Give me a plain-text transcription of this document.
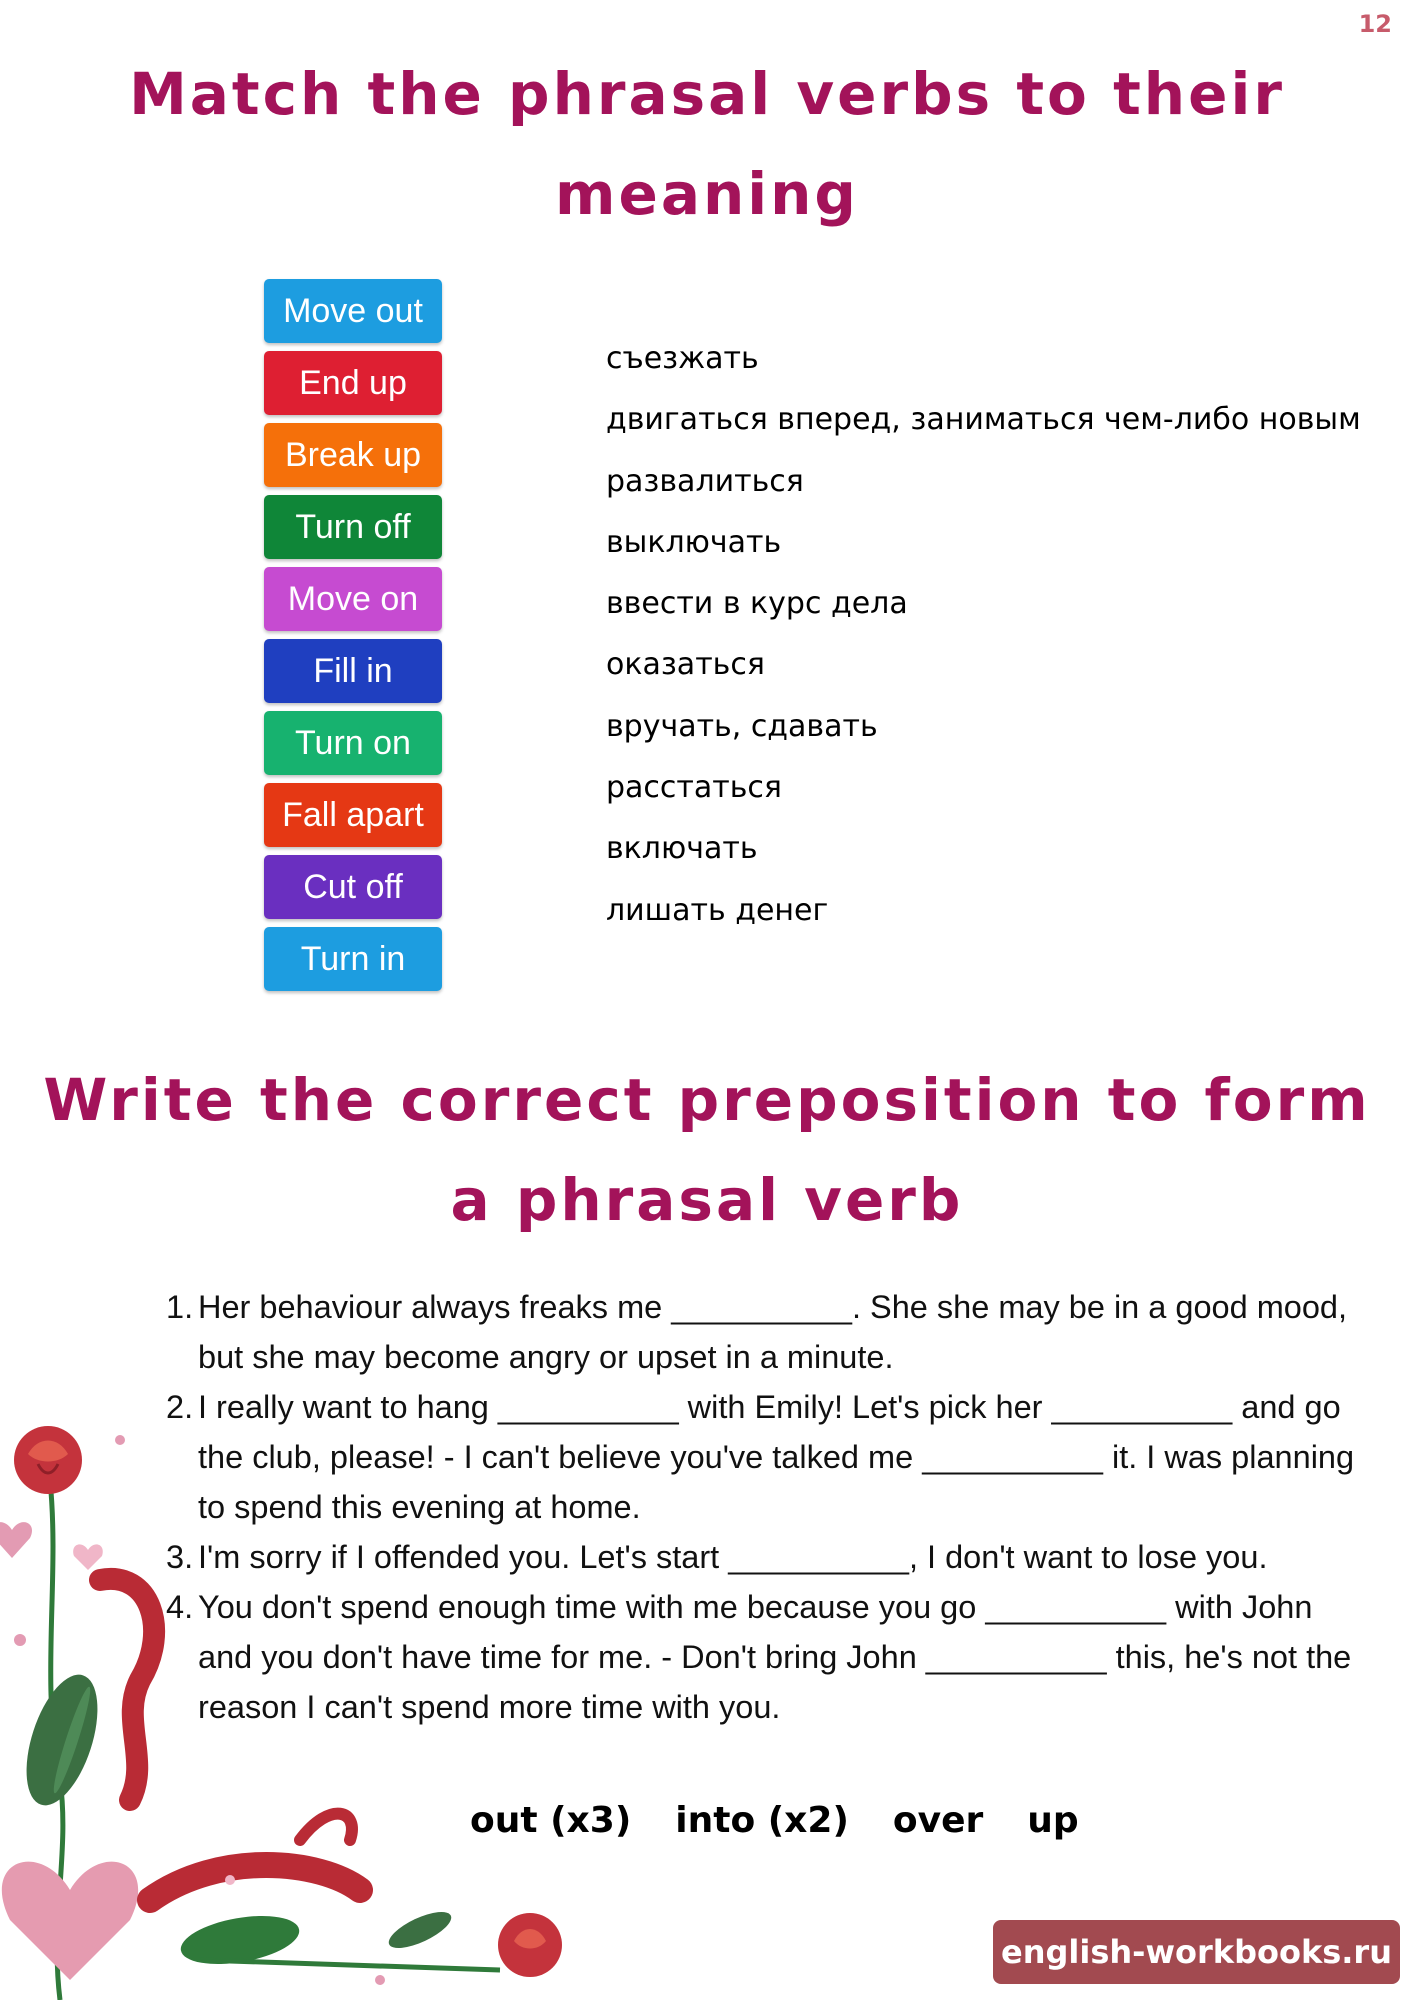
12
Match the phrasal verbs to their
meaning
Move out
End up
Break up
Turn off
Move on
Fill in
Turn on
Fall apart
Cut off
Turn in
съезжать
двигаться вперед, заниматься чем-либо новым
развалиться
выключать
ввести в курс дела
оказаться
вручать, сдавать
расстаться
включать
лишать денег
Write the correct preposition to form
a phrasal verb
1. Her behaviour always freaks me __________. She she may be in a good mood, but she may become angry or upset in a minute.
2. I really want to hang __________ with Emily! Let's pick her __________ and go the club, please! - I can't believe you've talked me __________ it. I was planning to spend this evening at home.
3. I'm sorry if I offended you. Let's start __________, I don't want to lose you.
4. You don't spend enough time with me because you go __________ with John and you don't have time for me. - Don't bring John __________ this, he's not the reason I can't spend more time with you.
out (x3) into (x2) over up
english-workbooks.ru
